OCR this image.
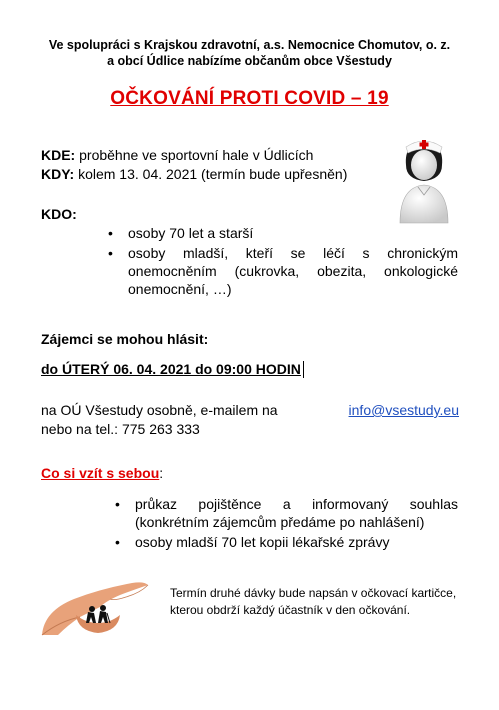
Ve spolupráci s Krajskou zdravotní, a.s. Nemocnice Chomutov, o. z.
a obcí Údlice nabízíme občanům obce Všestudy
OČKOVÁNÍ PROTI COVID – 19
KDE: proběhne ve sportovní hale v Údlicích
KDY: kolem 13. 04. 2021 (termín bude upřesněn)
KDO:
• osoby 70 let a starší
• osoby mladší, kteří se léčí s chronickým onemocněním (cukrovka, obezita, onkologické onemocnění, …)
Zájemci se mohou hlásit:
do ÚTERÝ 06. 04. 2021 do 09:00 HODIN
na OÚ Všestudy osobně, e-mailem na	info@vsestudy.eu
nebo na tel.: 775 263 333
Co si vzít s sebou:
• průkaz pojištěnce a informovaný souhlas (konkrétním zájemcům předáme po nahlášení)
• osoby mladší 70 let kopii lékařské zprávy
Termín druhé dávky bude napsán v očkovací kartičce, kterou obdrží každý účastník v den očkování.
